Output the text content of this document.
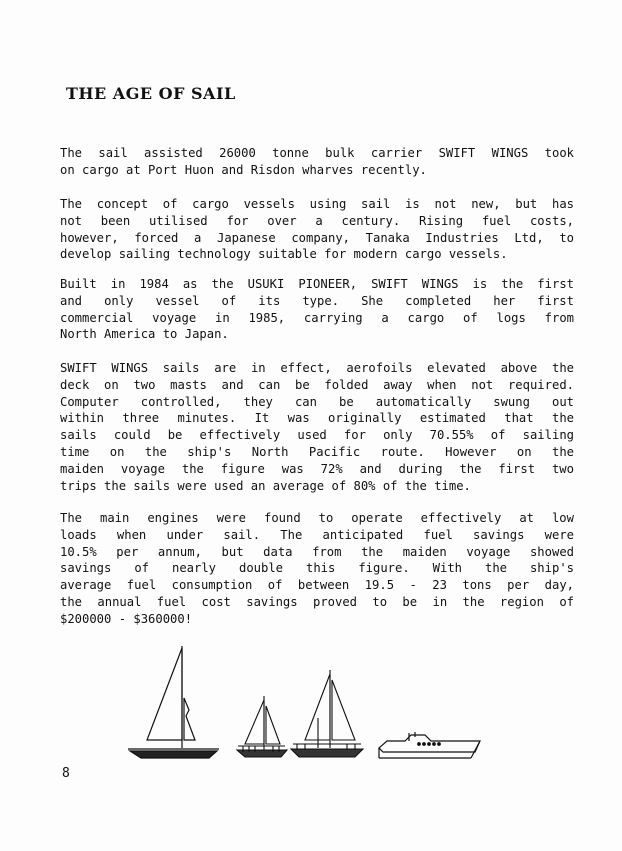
THE AGE OF SAIL
The sail assisted 26000 tonne bulk carrier SWIFT WINGS took
on cargo at Port Huon and Risdon wharves recently.
The concept of cargo vessels using sail is not new, but has
not been utilised for over a century. Rising fuel costs,
however, forced a Japanese company, Tanaka Industries Ltd, to
develop sailing technology suitable for modern cargo vessels.
Built in 1984 as the USUKI PIONEER, SWIFT WINGS is the first
and only vessel of its type. She completed her first
commercial voyage in 1985, carrying a cargo of logs from
North America to Japan.
SWIFT WINGS sails are in effect, aerofoils elevated above the
deck on two masts and can be folded away when not required.
Computer controlled, they can be automatically swung out
within three minutes. It was originally estimated that the
sails could be effectively used for only 70.55% of sailing
time on the ship's North Pacific route. However on the
maiden voyage the figure was 72% and during the first two
trips the sails were used an average of 80% of the time.
The main engines were found to operate effectively at low
loads when under sail. The anticipated fuel savings were
10.5% per annum, but data from the maiden voyage showed
savings of nearly double this figure. With the ship's
average fuel consumption of between 19.5 - 23 tons per day,
the annual fuel cost savings proved to be in the region of
$200000 - $360000!

8
